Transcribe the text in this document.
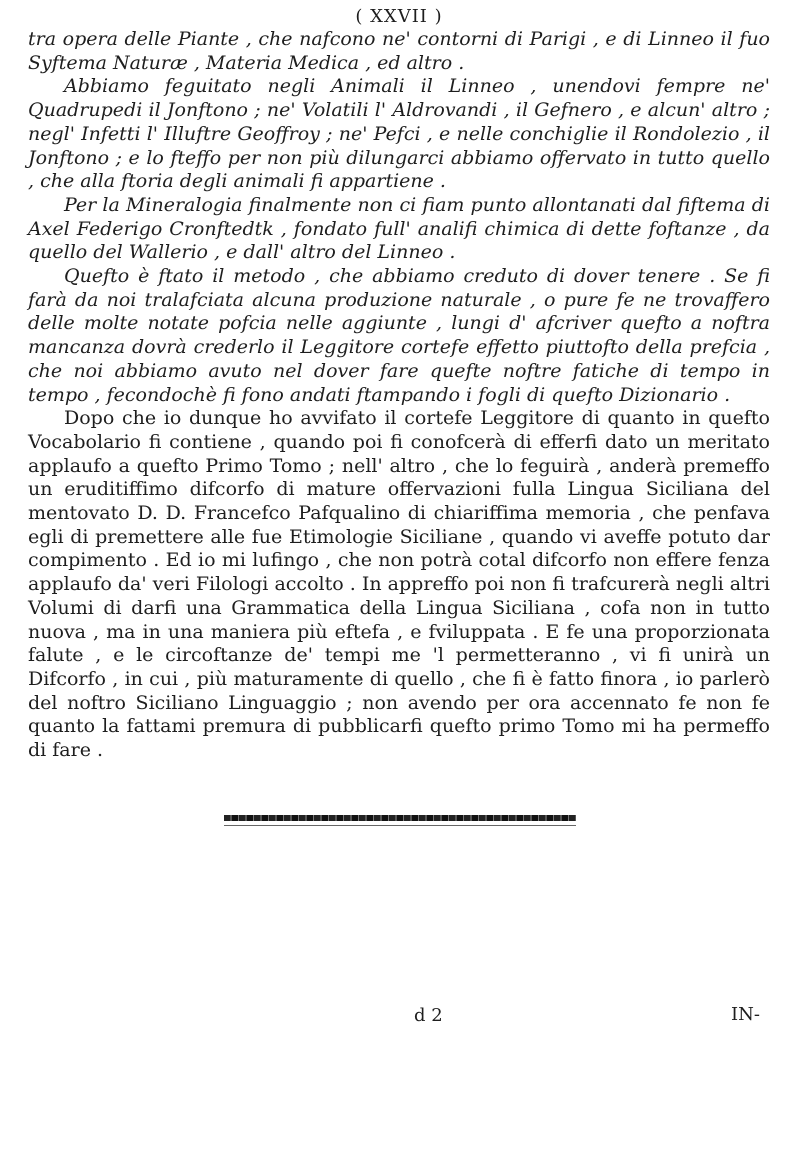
( XXVII )

tra opera delle Piante , che nafcono ne' contorni di Parigi , e di Linneo il fuo Syftema Naturæ , Materia Medica , ed altro .

Abbiamo feguitato negli Animali il Linneo , unendovi fempre ne' Quadrupedi il Jonftono ; ne' Volatili l' Aldrovandi , il Gefnero , e alcun' altro ; negl' Infetti l' Illuftre Geoffroy ; ne' Pefci , e nelle conchiglie il Rondolezio , il Jonftono ; e lo fteffo per non più dilungarci abbiamo offervato in tutto quello , che alla ftoria degli animali fi appartiene .

Per la Mineralogia finalmente non ci fiam punto allontanati dal fiftema di Axel Federigo Cronftedtk , fondato full' analifi chimica di dette foftanze , da quello del Wallerio , e dall' altro del Linneo .

Quefto è ftato il metodo , che abbiamo creduto di dover tenere . Se fi farà da noi tralafciata alcuna produzione naturale , o pure fe ne trovaffero delle molte notate pofcia nelle aggiunte , lungi d' afcriver quefto a noftra mancanza dovrà crederlo il Leggitore cortefe effetto piuttofto della prefcia , che noi abbiamo avuto nel dover fare quefte noftre fatiche di tempo in tempo , fecondochè fi fono andati ftampando i fogli di quefto Dizionario .

Dopo che io dunque ho avvifato il cortefe Leggitore di quanto in quefto Vocabolario fi contiene , quando poi fi conofcerà di efferfi dato un meritato applaufo a quefto Primo Tomo ; nell' altro , che lo feguirà , anderà premeffo un eruditiffimo difcorfo di mature offervazioni fulla Lingua Siciliana del mentovato D. D. Francefco Pafqualino di chiariffima memoria , che penfava egli di premettere alle fue Etimologie Siciliane , quando vi aveffe potuto dar compimento . Ed io mi lufingo , che non potrà cotal difcorfo non effere fenza applaufo da' veri Filologi accolto . In appreffo poi non fi trafcurerà negli altri Volumi di darfi una Grammatica della Lingua Siciliana , cofa non in tutto nuova , ma in una maniera più eftefa , e fviluppata . E fe una proporzionata falute , e le circoftanze de' tempi me 'l permetteranno , vi fi unirà un Difcorfo , in cui , più maturamente di quello , che fi è fatto finora , io parlerò del noftro Siciliano Linguaggio ; non avendo per ora accennato fe non fe quanto la fattami premura di pubblicarfi quefto primo Tomo mi ha permeffo di fare .

d 2	IN-
